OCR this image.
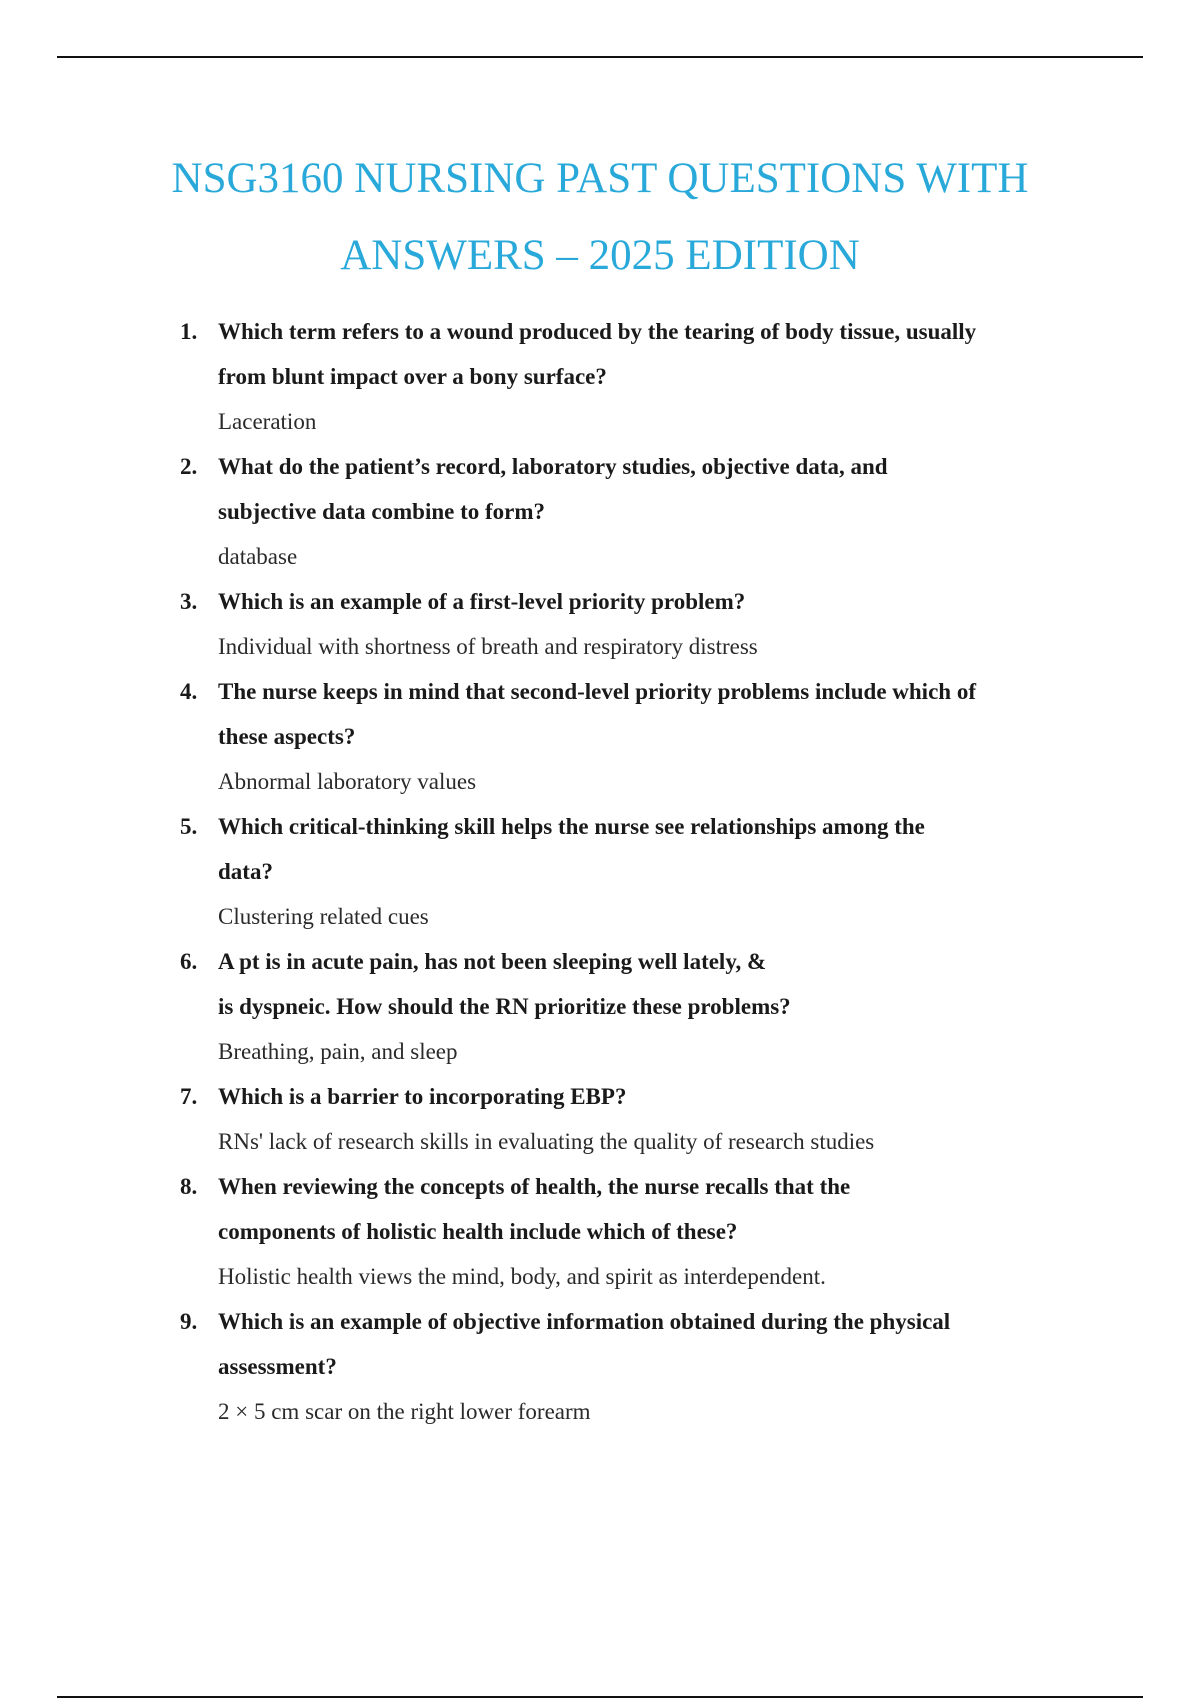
NSG3160 NURSING PAST QUESTIONS WITH
ANSWERS – 2025 EDITION
1. Which term refers to a wound produced by the tearing of body tissue, usually
from blunt impact over a bony surface?
Laceration
2. What do the patient’s record, laboratory studies, objective data, and
subjective data combine to form?
database
3. Which is an example of a first-level priority problem?
Individual with shortness of breath and respiratory distress
4. The nurse keeps in mind that second-level priority problems include which of
these aspects?
Abnormal laboratory values
5. Which critical-thinking skill helps the nurse see relationships among the
data?
Clustering related cues
6. A pt is in acute pain, has not been sleeping well lately, &
is dyspneic. How should the RN prioritize these problems?
Breathing, pain, and sleep
7. Which is a barrier to incorporating EBP?
RNs' lack of research skills in evaluating the quality of research studies
8. When reviewing the concepts of health, the nurse recalls that the
components of holistic health include which of these?
Holistic health views the mind, body, and spirit as interdependent.
9. Which is an example of objective information obtained during the physical
assessment?
2 × 5 cm scar on the right lower forearm
